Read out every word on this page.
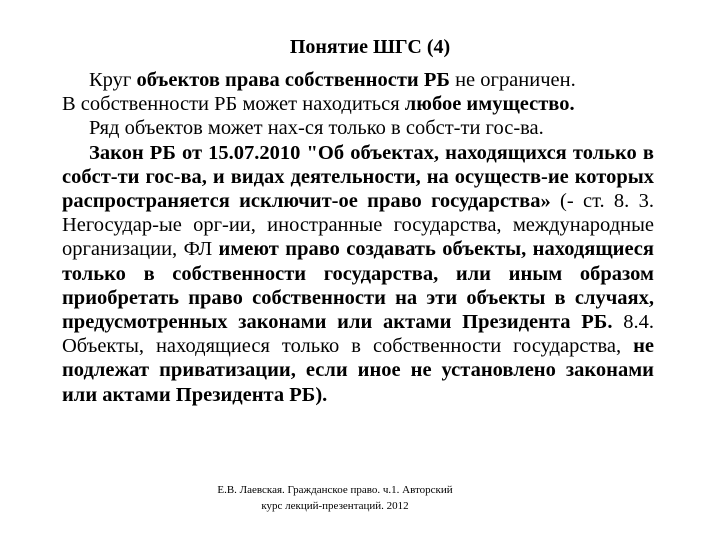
Понятие ШГС (4)

Круг объектов права собственности РБ не ограничен.

В собственности РБ может находиться любое имущество.

Ряд объектов может нах-ся только в собст-ти гос-ва.

Закон РБ от 15.07.2010 "Об объектах, находящихся только в собст-ти гос-ва, и видах деятельности, на осуществ-ие которых распространяется исключит-ое право государства» (- ст. 8. 3. Негосудар-ые орг-ии, иностранные государства, международные организации, ФЛ имеют право создавать объекты, находящиеся только в собственности государства, или иным образом приобретать право собственности на эти объекты в случаях, предусмотренных законами или актами Президента РБ. 8.4. Объекты, находящиеся только в собственности государства, не подлежат приватизации, если иное не установлено законами или актами Президента РБ).

Е.В. Лаевская. Гражданское право. ч.1. Авторский курс лекций-презентаций. 2012
